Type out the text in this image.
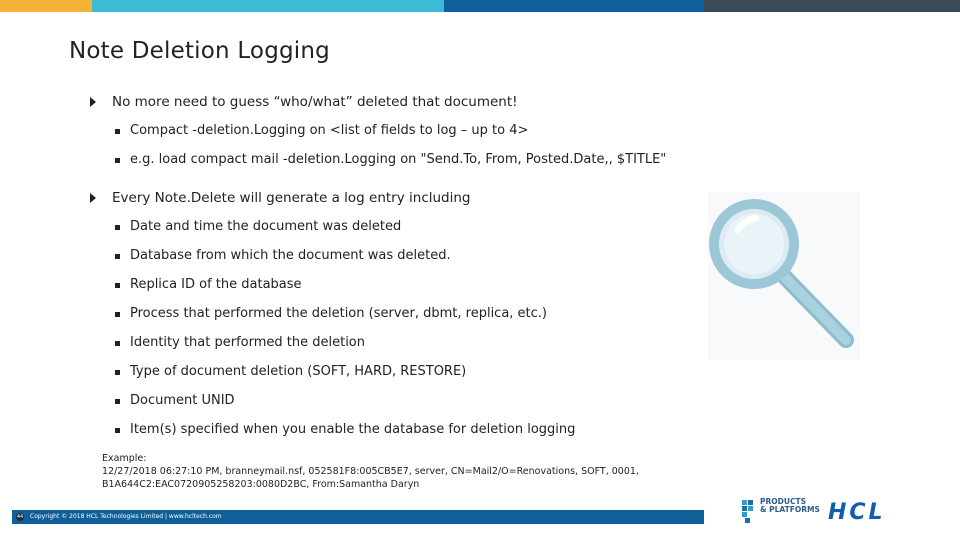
Note Deletion Logging
No more need to guess “who/what” deleted that document!
Compact -deletion.Logging on <list of fields to log – up to 4>
e.g. load compact mail -deletion.Logging on "Send.To, From, Posted.Date,, $TITLE"
Every Note.Delete will generate a log entry including
Date and time the document was deleted
Database from which the document was deleted.
Replica ID of the database
Process that performed the deletion (server, dbmt, replica, etc.)
Identity that performed the deletion
Type of document deletion (SOFT, HARD, RESTORE)
Document UNID
Item(s) specified when you enable the database for deletion logging
Example:
12/27/2018 06:27:10 PM, branneymail.nsf, 052581F8:005CB5E7, server, CN=Mail2/O=Renovations, SOFT, 0001,
B1A644C2:EAC0720905258203:0080D2BC, From:Samantha Daryn
44 Copyright © 2018 HCL Technologies Limited | www.hcltech.com
PRODUCTS
& PLATFORMS HCL
